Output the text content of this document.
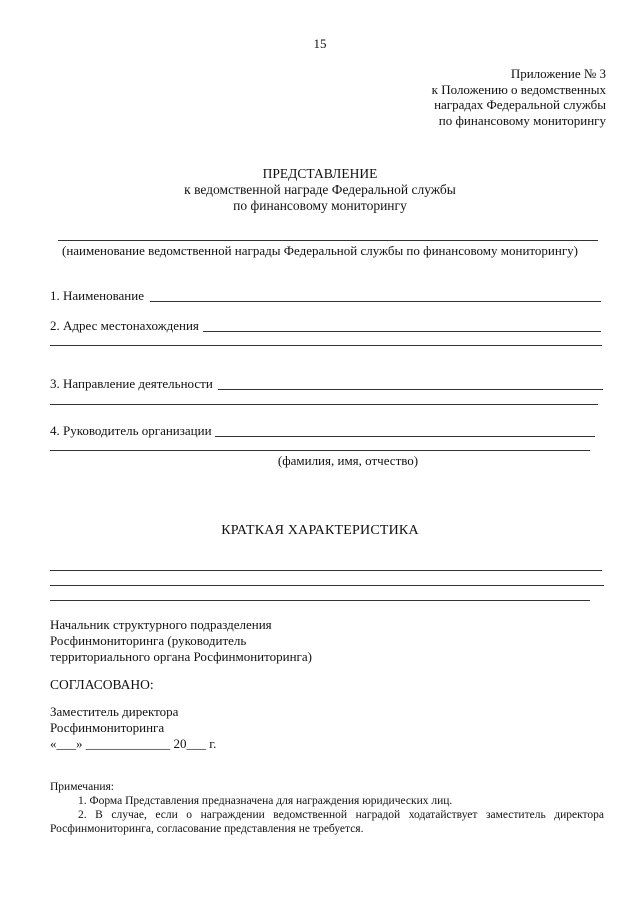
15
Приложение № 3
к Положению о ведомственных
наградах Федеральной службы
по финансовому мониторингу
ПРЕДСТАВЛЕНИЕ
к ведомственной награде Федеральной службы
по финансовому мониторингу
(наименование ведомственной награды Федеральной службы по финансовому мониторингу)
1. Наименование
2. Адрес местонахождения
3. Направление деятельности
4. Руководитель организации
(фамилия, имя, отчество)
КРАТКАЯ ХАРАКТЕРИСТИКА
Начальник структурного подразделения
Росфинмониторинга (руководитель
территориального органа Росфинмониторинга)
СОГЛАСОВАНО:
Заместитель директора
Росфинмониторинга
«___» _____________ 20___ г.
Примечания:
1. Форма Представления предназначена для награждения юридических лиц.
2. В случае, если о награждении ведомственной наградой ходатайствует заместитель директора Росфинмониторинга, согласование представления не требуется.
